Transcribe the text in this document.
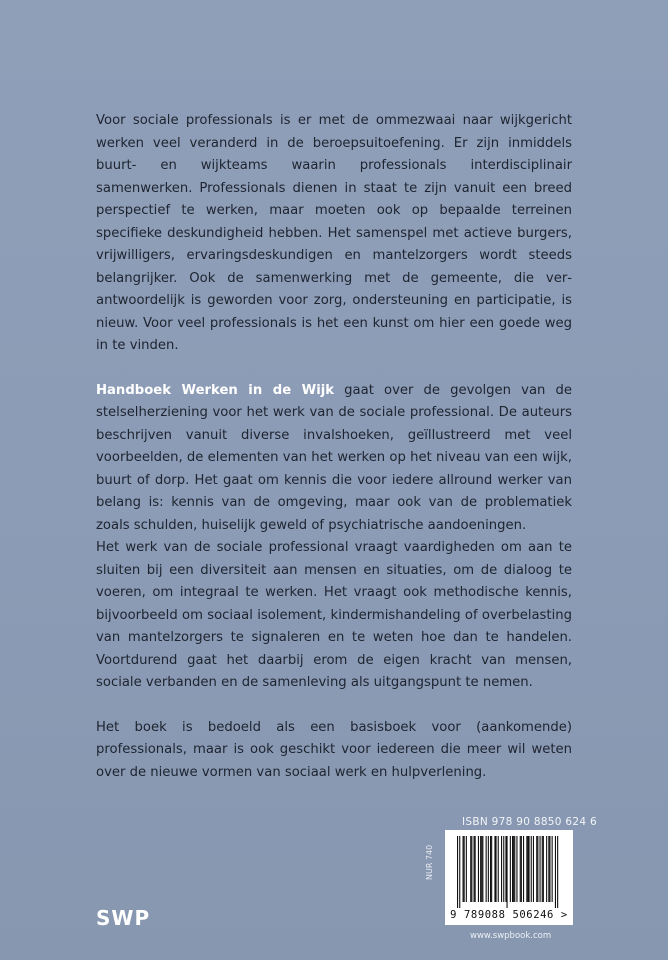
Voor sociale professionals is er met de ommezwaai naar wijkgericht werken veel veranderd in de beroepsuitoefening. Er zijn inmiddels buurt- en wijkteams waarin professionals interdisciplinair samenwerken. Professionals dienen in staat te zijn vanuit een breed perspectief te werken, maar moeten ook op bepaalde terreinen specifieke deskundigheid hebben. Het samenspel met actieve burgers, vrijwilligers, ervaringsdeskundigen en mantelzorgers wordt steeds belangrijker. Ook de samenwerking met de gemeente, die verantwoordelijk is geworden voor zorg, ondersteuning en participatie, is nieuw. Voor veel professionals is het een kunst om hier een goede weg in te vinden.

Handboek Werken in de Wijk gaat over de gevolgen van de stelselherziening voor het werk van de sociale professional. De auteurs beschrijven vanuit diverse invalshoeken, geïllustreerd met veel voorbeelden, de elementen van het werken op het niveau van een wijk, buurt of dorp. Het gaat om kennis die voor iedere allround werker van belang is: kennis van de omgeving, maar ook van de problematiek zoals schulden, huiselijk geweld of psychiatrische aandoeningen.

Het werk van de sociale professional vraagt vaardigheden om aan te sluiten bij een diversiteit aan mensen en situaties, om de dialoog te voeren, om integraal te werken. Het vraagt ook methodische kennis, bijvoorbeeld om sociaal isolement, kindermishandeling of overbelasting van mantelzorgers te signaleren en te weten hoe dan te handelen. Voortdurend gaat het daarbij erom de eigen kracht van mensen, sociale verbanden en de samenleving als uitgangspunt te nemen.

Het boek is bedoeld als een basisboek voor (aankomende) professionals, maar is ook geschikt voor iedereen die meer wil weten over de nieuwe vormen van sociaal werk en hulpverlening.

ISBN 978 90 8850 624 6
NUR 740
9 789088 506246 >
www.swpbook.com
SWP
